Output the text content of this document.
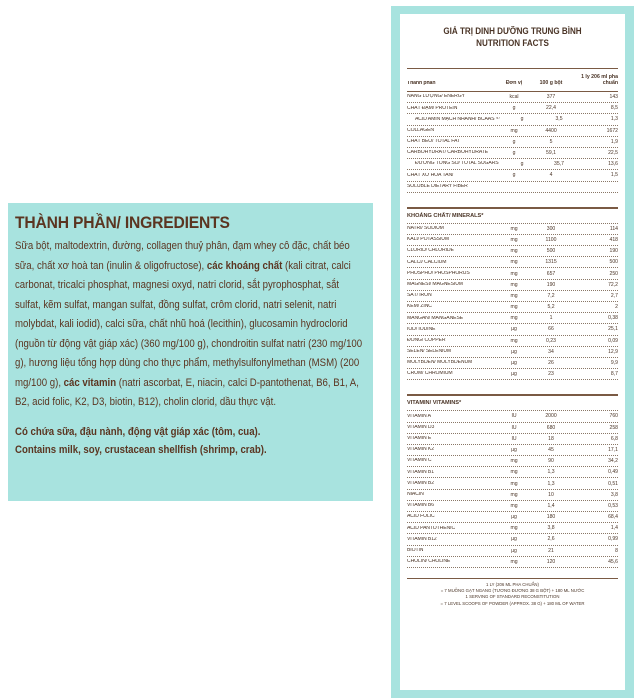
THÀNH PHẦN/ INGREDIENTS

Sữa bột, maltodextrin, đường, collagen thuỷ phân, đạm whey cô đặc, chất béo sữa, chất xơ hoà tan (inulin & oligofructose), các khoáng chất (kali citrat, calci carbonat, tricalci phosphat, magnesi oxyd, natri clorid, sắt pyrophosphat, sắt sulfat, kẽm sulfat, mangan sulfat, đồng sulfat, crôm clorid, natri selenit, natri molybdat, kali iodid), calci sữa, chất nhũ hoá (lecithin), glucosamin hydroclorid (nguồn từ động vật giáp xác) (360 mg/100 g), chondroitin sulfat natri (230 mg/100 g), hương liệu tổng hợp dùng cho thực phẩm, methylsulfonylmethan (MSM) (200 mg/100 g), các vitamin (natri ascorbat, E, niacin, calci D-pantothenat, B6, B1, A, B2, acid folic, K2, D3, biotin, B12), cholin clorid, dầu thực vật.

Có chứa sữa, đậu nành, động vật giáp xác (tôm, cua).
Contains milk, soy, crustacean shellfish (shrimp, crab).

GIÁ TRỊ DINH DƯỠNG TRUNG BÌNH
NUTRITION FACTS
Thành phần	Đơn vị	100 g bột
1 ly 206 ml pha chuẩn
NĂNG LƯỢNG/ ENERGY	kcal	377	143
CHẤT ĐẠM/ PROTEIN	g	22,4	8,5
ACID AMIN MẠCH NHÁNH/ BCAAS ⁽¹⁾	g	3,5	1,3
COLLAGEN	mg	4400	1672
CHẤT BÉO/ TOTAL FAT	g	5	1,9
CARBOHYDRAT/ CARBOHYDRATE	g	59,1	22,5
ĐƯỜNG TỔNG SỐ/ TOTAL SUGARS	g	35,7	13,6
CHẤT XƠ HOÀ TAN/	g	4	1,5
SOLUBLE DIETARY FIBER
KHOÁNG CHẤT/ MINERALS*
NATRI/ SODIUM	mg	300	114
KALI/ POTASSIUM	mg	1100	418
CLORID/ CHLORIDE	mg	500	190
CALCI/ CALCIUM	mg	1315	500
PHOSPHO/ PHOSPHORUS	mg	657	250
MAGNESI/ MAGNESIUM	mg	190	72,2
SẮT/ IRON	mg	7,2	2,7
KẼM/ ZINC	mg	5,2	2
MANGAN/ MANGANESE	mg	1	0,38
IOD/ IODINE	µg	66	25,1
ĐỒNG/ COPPER	mg	0,23	0,09
SELEN/ SELENIUM	µg	34	12,9
MOLYBDEN/ MOLYBDENUM	µg	26	9,9
CRÔM/ CHROMIUM	µg	23	8,7
VITAMIN/ VITAMINS*
VITAMIN A	IU	2000	760
VITAMIN D3	IU	680	258
VITAMIN E	IU	18	6,8
VITAMIN K2	µg	45	17,1
VITAMIN C	mg	90	34,2
VITAMIN B1	mg	1,3	0,49
VITAMIN B2	mg	1,3	0,51
NIACIN	mg	10	3,8
VITAMIN B6	mg	1,4	0,53
ACID FOLIC	µg	180	68,4
ACID PANTOTHENIC	mg	3,8	1,4
VITAMIN B12	µg	2,6	0,99
BIOTIN	µg	21	8
CHOLIN/ CHOLINE	mg	120	45,6
1 LY (206 ML PHA CHUẨN)
= 7 MUỖNG GẠT NGANG (TƯƠNG ĐƯƠNG 38 G BỘT) + 180 ML NƯỚC
1 SERVING OF STANDARD RECONSTITUTION
= 7 LEVEL SCOOPS OF POWDER (APPROX. 38 G) + 180 ML OF WATER
